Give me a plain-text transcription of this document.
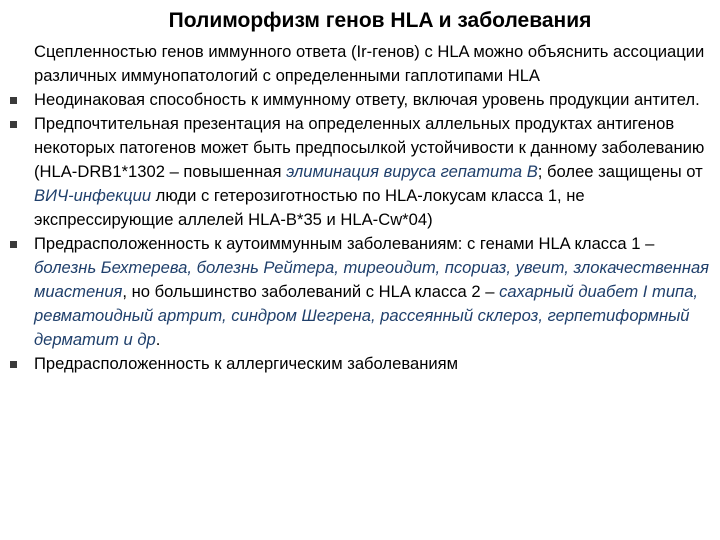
Полиморфизм генов HLA и заболевания

Сцепленностью генов иммунного ответа (Ir-генов) с HLA можно объяснить ассоциации различных иммунопатологий с определенными гаплотипами HLA

Неодинаковая способность к иммунному ответу, включая уровень продукции антител.

Предпочтительная презентация на определенных аллельных продуктах антигенов некоторых патогенов может быть предпосылкой устойчивости к данному заболеванию (HLA-DRB1*1302 – повышенная элиминация вируса гепатита В; более защищены от ВИЧ-инфекции люди с гетерозиготностью по HLA-локусам класса 1, не экспрессирующие аллелей HLA-B*35 и HLA-Cw*04)

Предрасположенность к аутоиммунным заболеваниям: с генами HLA класса 1 – болезнь Бехтерева, болезнь Рейтера, тиреоидит, псориаз, увеит, злокачественная миастения, но большинство заболеваний с HLA класса 2 – сахарный диабет I типа, ревматоидный артрит, синдром Шегрена, рассеянный склероз, герпетиформный дерматит и др.

Предрасположенность к аллергическим заболеваниям
